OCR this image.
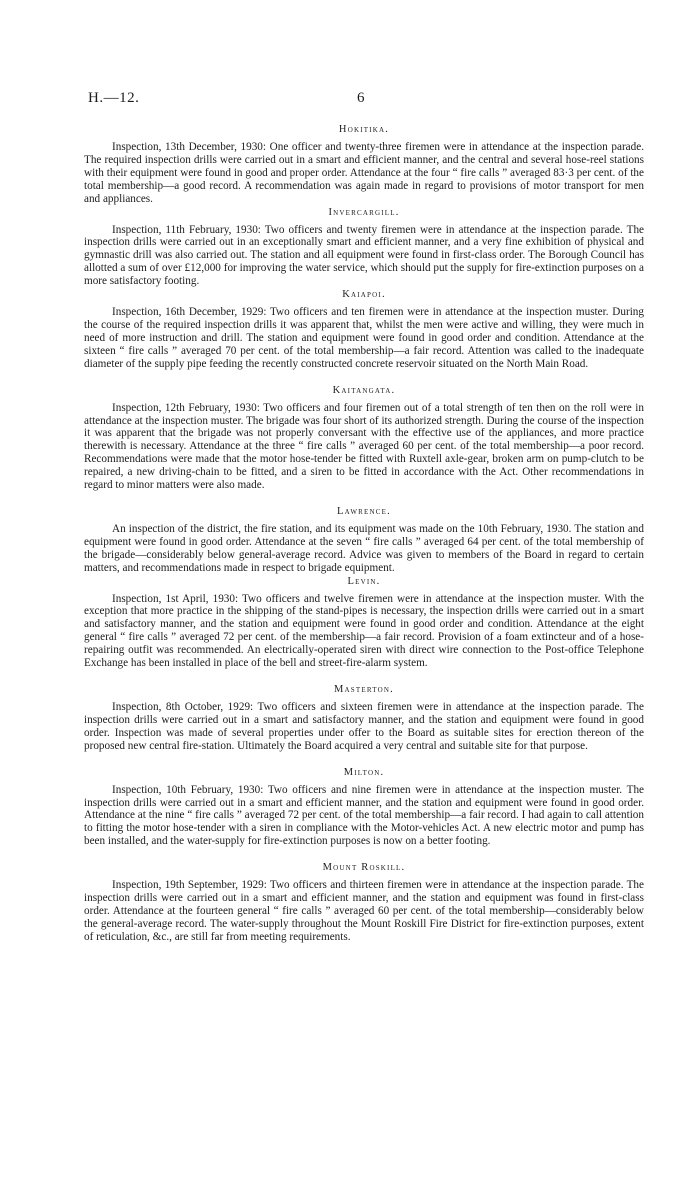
H.—12.	6
Hokitika.

Inspection, 13th December, 1930: One officer and twenty-three firemen were in attendance at the inspection parade. The required inspection drills were carried out in a smart and efficient manner, and the central and several hose-reel stations with their equipment were found in good and proper order. Attendance at the four “ fire calls ” averaged 83·3 per cent. of the total membership—a good record. A recommendation was again made in regard to provisions of motor transport for men and appliances.

Invercargill.

Inspection, 11th February, 1930: Two officers and twenty firemen were in attendance at the inspection parade. The inspection drills were carried out in an exceptionally smart and efficient manner, and a very fine exhibition of physical and gymnastic drill was also carried out. The station and all equipment were found in first-class order. The Borough Council has allotted a sum of over £12,000 for improving the water service, which should put the supply for fire-extinction purposes on a more satisfactory footing.

Kaiapoi.

Inspection, 16th December, 1929: Two officers and ten firemen were in attendance at the inspection muster. During the course of the required inspection drills it was apparent that, whilst the men were active and willing, they were much in need of more instruction and drill. The station and equipment were found in good order and condition. Attendance at the sixteen “ fire calls ” averaged 70 per cent. of the total membership—a fair record. Attention was called to the inadequate diameter of the supply pipe feeding the recently constructed concrete reservoir situated on the North Main Road.

Kaitangata.

Inspection, 12th February, 1930: Two officers and four firemen out of a total strength of ten then on the roll were in attendance at the inspection muster. The brigade was four short of its authorized strength. During the course of the inspection it was apparent that the brigade was not properly conversant with the effective use of the appliances, and more practice therewith is necessary. Attendance at the three “ fire calls ” averaged 60 per cent. of the total membership—a poor record. Recommendations were made that the motor hose-tender be fitted with Ruxtell axle-gear, broken arm on pump-clutch to be repaired, a new driving-chain to be fitted, and a siren to be fitted in accordance with the Act. Other recommendations in regard to minor matters were also made.

Lawrence.

An inspection of the district, the fire station, and its equipment was made on the 10th February, 1930. The station and equipment were found in good order. Attendance at the seven “ fire calls ” averaged 64 per cent. of the total membership of the brigade—considerably below general-average record. Advice was given to members of the Board in regard to certain matters, and recommendations made in respect to brigade equipment.

Levin.

Inspection, 1st April, 1930: Two officers and twelve firemen were in attendance at the inspection muster. With the exception that more practice in the shipping of the stand-pipes is necessary, the inspection drills were carried out in a smart and satisfactory manner, and the station and equipment were found in good order and condition. Attendance at the eight general “ fire calls ” averaged 72 per cent. of the membership—a fair record. Provision of a foam extincteur and of a hose-repairing outfit was recommended. An electrically-operated siren with direct wire connection to the Post-office Telephone Exchange has been installed in place of the bell and street-fire-alarm system.

Masterton.

Inspection, 8th October, 1929: Two officers and sixteen firemen were in attendance at the inspection parade. The inspection drills were carried out in a smart and satisfactory manner, and the station and equipment were found in good order. Inspection was made of several properties under offer to the Board as suitable sites for erection thereon of the proposed new central fire-station. Ultimately the Board acquired a very central and suitable site for that purpose.

Milton.

Inspection, 10th February, 1930: Two officers and nine firemen were in attendance at the inspection muster. The inspection drills were carried out in a smart and efficient manner, and the station and equipment were found in good order. Attendance at the nine “ fire calls ” averaged 72 per cent. of the total membership—a fair record. I had again to call attention to fitting the motor hose-tender with a siren in compliance with the Motor-vehicles Act. A new electric motor and pump has been installed, and the water-supply for fire-extinction purposes is now on a better footing.

Mount Roskill.

Inspection, 19th September, 1929: Two officers and thirteen firemen were in attendance at the inspection parade. The inspection drills were carried out in a smart and efficient manner, and the station and equipment was found in first-class order. Attendance at the fourteen general “ fire calls ” averaged 60 per cent. of the total membership—considerably below the general-average record. The water-supply throughout the Mount Roskill Fire District for fire-extinction purposes, extent of reticulation, &c., are still far from meeting requirements.
